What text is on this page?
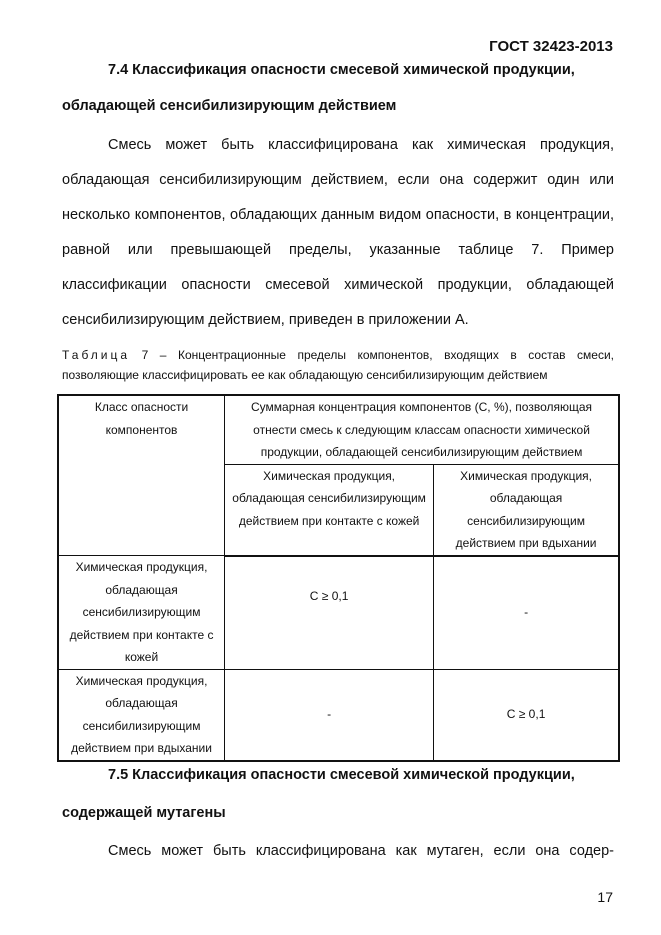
ГОСТ 32423-2013
7.4 Классификация опасности смесевой химической продукции,
обладающей сенсибилизирующим действием
Смесь может быть классифицирована как химическая продукция, обладающая сенсибилизирующим действием, если она содержит один или несколько компонентов, обладающих данным видом опасности, в концентрации, равной или превышающей пределы, указанные таблице 7. Пример классификации опасности смесевой химической продукции, обладающей сенсибилизирующим действием, приведен в приложении А.
Таблица 7 – Концентрационные пределы компонентов, входящих в состав смеси,
позволяющие классифицировать ее как обладающую сенсибилизирующим действием
Класс опасности компонентов	Суммарная концентрация компонентов (С, %), позволяющая отнести смесь к следующим классам опасности химической продукции, обладающей сенсибилизирующим действием	
	Химическая продукция, обладающая сенсибилизирующим действием при контакте с кожей	Химическая продукция, обладающая сенсибилизирующим действием при вдыхании
Химическая продукция, обладающая сенсибилизирующим действием при контакте с кожей	C ≥ 0,1	-
Химическая продукция, обладающая сенсибилизирующим действием при вдыхании	-	C ≥ 0,1
7.5 Классификация опасности смесевой химической продукции,
содержащей мутагены
Смесь может быть классифицирована как мутаген, если она содер-
17
